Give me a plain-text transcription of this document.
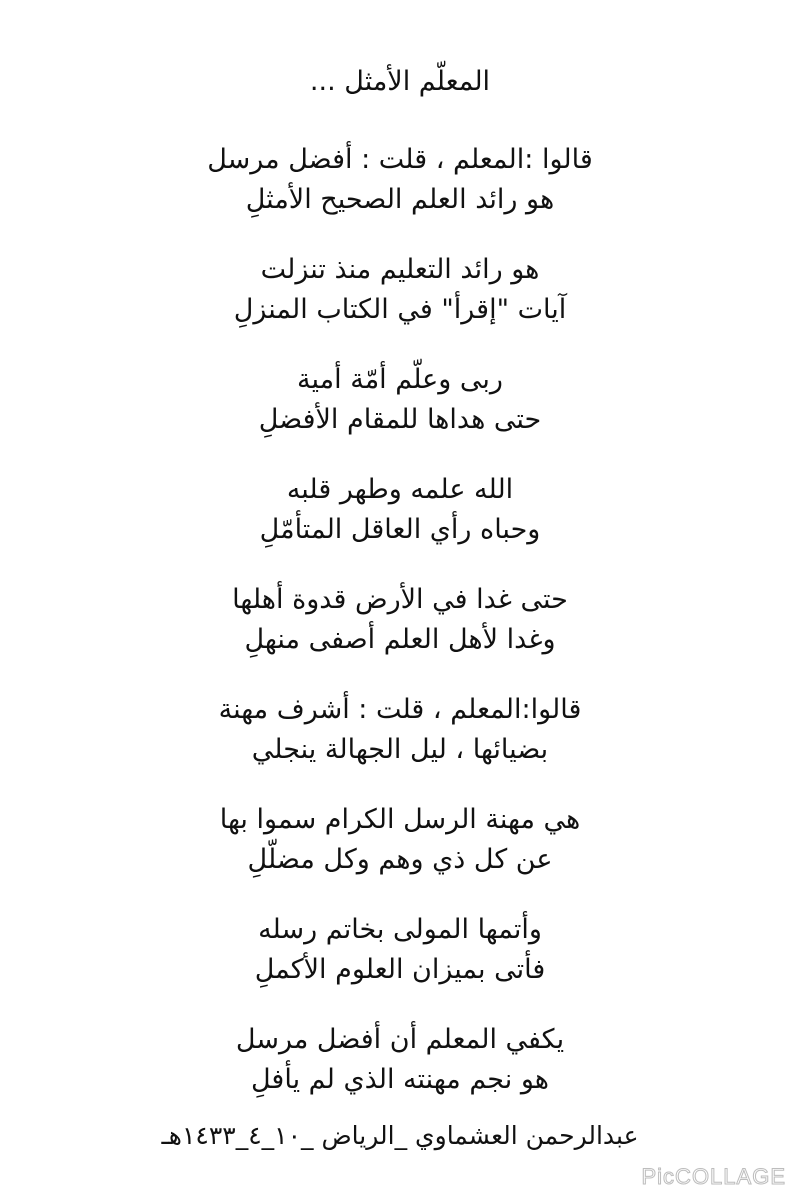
المعلّم الأمثل ...
قالوا :المعلم ، قلت : أفضل مرسل
هو رائد العلم الصحيح الأمثلِ
هو رائد التعليم منذ تنزلت
آيات "إقرأ" في الكتاب المنزلِ
ربى وعلّم أمّة أمية
حتى هداها للمقام الأفضلِ
الله علمه وطهر قلبه
وحباه رأي العاقل المتأمّلِ
حتى غدا في الأرض قدوة أهلها
وغدا لأهل العلم أصفى منهلِ
قالوا:المعلم ، قلت : أشرف مهنة
بضيائها ، ليل الجهالة ينجلي
هي مهنة الرسل الكرام سموا بها
عن كل ذي وهم وكل مضلّلِ
وأتمها المولى بخاتم رسله
فأتى بميزان العلوم الأكملِ
يكفي المعلم أن أفضل مرسل
هو نجم مهنته الذي لم يأفلِ
عبدالرحمن العشماوي _الرياض _١٠_٤_١٤٣٣هـ
PicCOLLAGE
